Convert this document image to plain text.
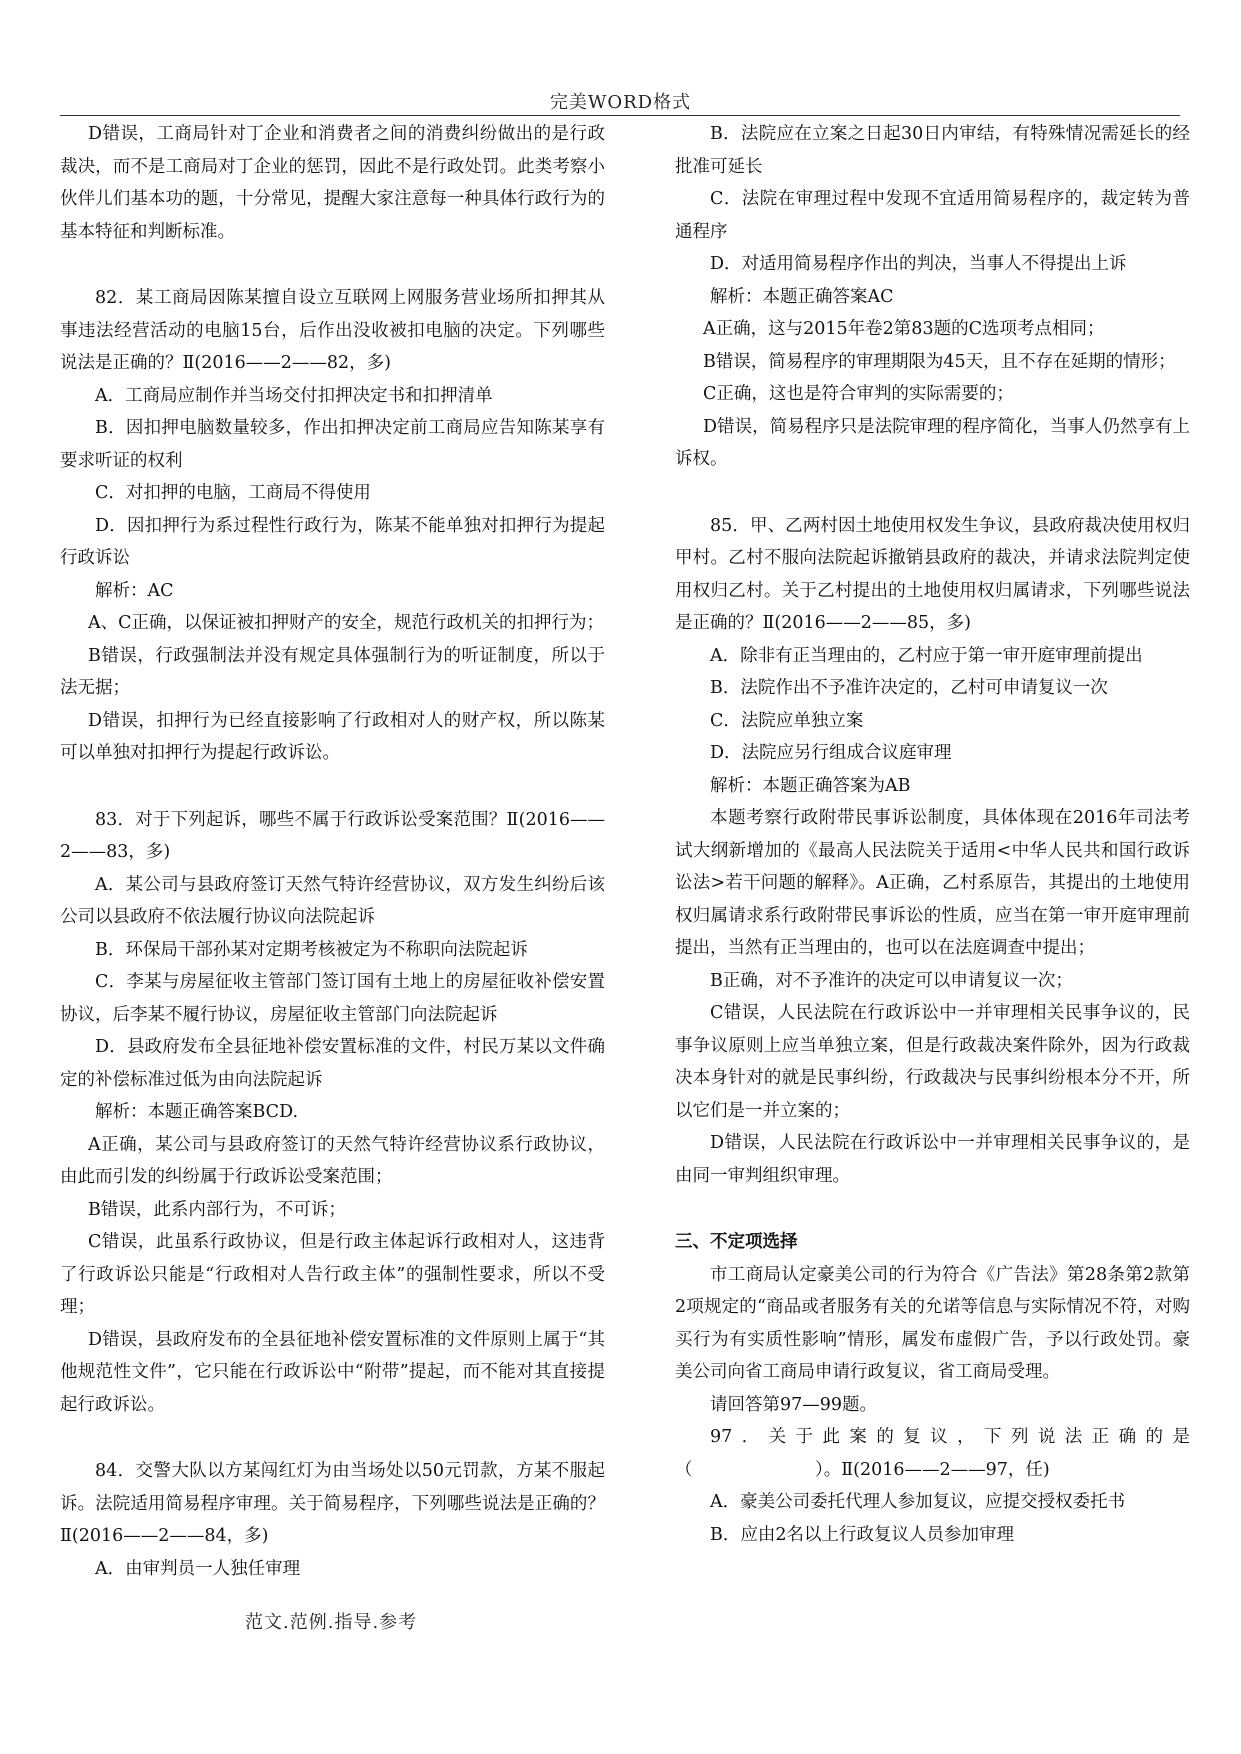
完美WORD格式

D错误，工商局针对丁企业和消费者之间的消费纠纷做出的是行政裁决，而不是工商局对丁企业的惩罚，因此不是行政处罚。此类考察小伙伴儿们基本功的题，十分常见，提醒大家注意每一种具体行政行为的基本特征和判断标准。

82．某工商局因陈某擅自设立互联网上网服务营业场所扣押其从事违法经营活动的电脑15台，后作出没收被扣电脑的决定。下列哪些说法是正确的？Ⅱ(2016——2——82，多)

A．工商局应制作并当场交付扣押决定书和扣押清单

B．因扣押电脑数量较多，作出扣押决定前工商局应告知陈某享有要求听证的权利

C．对扣押的电脑，工商局不得使用

D．因扣押行为系过程性行政行为，陈某不能单独对扣押行为提起行政诉讼

解析：AC

A、C正确，以保证被扣押财产的安全，规范行政机关的扣押行为；

B错误，行政强制法并没有规定具体强制行为的听证制度，所以于法无据；

D错误，扣押行为已经直接影响了行政相对人的财产权，所以陈某可以单独对扣押行为提起行政诉讼。

83．对于下列起诉，哪些不属于行政诉讼受案范围？Ⅱ(2016——2——83，多)

A．某公司与县政府签订天然气特许经营协议，双方发生纠纷后该公司以县政府不依法履行协议向法院起诉

B．环保局干部孙某对定期考核被定为不称职向法院起诉

C．李某与房屋征收主管部门签订国有土地上的房屋征收补偿安置协议，后李某不履行协议，房屋征收主管部门向法院起诉

D．县政府发布全县征地补偿安置标准的文件，村民万某以文件确定的补偿标准过低为由向法院起诉

解析：本题正确答案BCD.

A正确，某公司与县政府签订的天然气特许经营协议系行政协议，由此而引发的纠纷属于行政诉讼受案范围；

B错误，此系内部行为，不可诉；

C错误，此虽系行政协议，但是行政主体起诉行政相对人，这违背了行政诉讼只能是“行政相对人告行政主体”的强制性要求，所以不受理；

D错误，县政府发布的全县征地补偿安置标准的文件原则上属于“其他规范性文件”，它只能在行政诉讼中“附带”提起，而不能对其直接提起行政诉讼。

84．交警大队以方某闯红灯为由当场处以50元罚款，方某不服起诉。法院适用简易程序审理。关于简易程序，下列哪些说法是正确的？Ⅱ(2016——2——84，多)

A．由审判员一人独任审理

B．法院应在立案之日起30日内审结，有特殊情况需延长的经批准可延长

C．法院在审理过程中发现不宜适用简易程序的，裁定转为普通程序

D．对适用简易程序作出的判决，当事人不得提出上诉

解析：本题正确答案AC

A正确，这与2015年卷2第83题的C选项考点相同；

B错误，简易程序的审理期限为45天，且不存在延期的情形；

C正确，这也是符合审判的实际需要的；

D错误，简易程序只是法院审理的程序简化，当事人仍然享有上诉权。

85．甲、乙两村因土地使用权发生争议，县政府裁决使用权归甲村。乙村不服向法院起诉撤销县政府的裁决，并请求法院判定使用权归乙村。关于乙村提出的土地使用权归属请求，下列哪些说法是正确的？Ⅱ(2016——2——85，多)

A．除非有正当理由的，乙村应于第一审开庭审理前提出

B．法院作出不予准许决定的，乙村可申请复议一次

C．法院应单独立案

D．法院应另行组成合议庭审理

解析：本题正确答案为AB

本题考察行政附带民事诉讼制度，具体体现在2016年司法考试大纲新增加的《最高人民法院关于适用<中华人民共和国行政诉讼法>若干问题的解释》。A正确，乙村系原告，其提出的土地使用权归属请求系行政附带民事诉讼的性质，应当在第一审开庭审理前提出，当然有正当理由的，也可以在法庭调查中提出；

B正确，对不予准许的决定可以申请复议一次；

C错误，人民法院在行政诉讼中一并审理相关民事争议的，民事争议原则上应当单独立案，但是行政裁决案件除外，因为行政裁决本身针对的就是民事纠纷，行政裁决与民事纠纷根本分不开，所以它们是一并立案的；

D错误，人民法院在行政诉讼中一并审理相关民事争议的，是由同一审判组织审理。

三、不定项选择

市工商局认定豪美公司的行为符合《广告法》第28条第2款第2项规定的“商品或者服务有关的允诺等信息与实际情况不符，对购买行为有实质性影响”情形，属发布虚假广告，予以行政处罚。豪美公司向省工商局申请行政复议，省工商局受理。

请回答第97—99题。

97．关于此案的复议，下列说法正确的是（　　　　　　　）。Ⅱ(2016——2——97，任)

A．豪美公司委托代理人参加复议，应提交授权委托书

B．应由2名以上行政复议人员参加审理

范文.范例.指导.参考
